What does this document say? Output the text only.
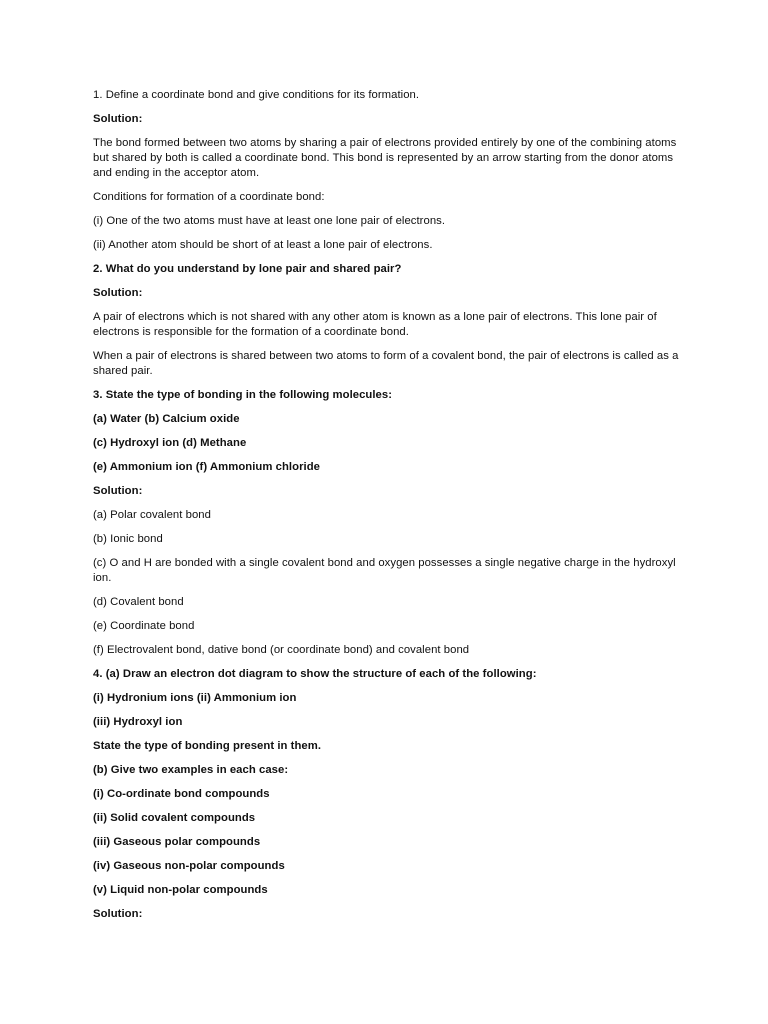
1. Define a coordinate bond and give conditions for its formation.

Solution:

The bond formed between two atoms by sharing a pair of electrons provided entirely by one of the combining atoms but shared by both is called a coordinate bond. This bond is represented by an arrow starting from the donor atoms and ending in the acceptor atom.

Conditions for formation of a coordinate bond:

(i) One of the two atoms must have at least one lone pair of electrons.

(ii) Another atom should be short of at least a lone pair of electrons.

2. What do you understand by lone pair and shared pair?

Solution:

A pair of electrons which is not shared with any other atom is known as a lone pair of electrons. This lone pair of electrons is responsible for the formation of a coordinate bond.

When a pair of electrons is shared between two atoms to form of a covalent bond, the pair of electrons is called as a shared pair.

3. State the type of bonding in the following molecules:

(a) Water (b) Calcium oxide

(c) Hydroxyl ion (d) Methane

(e) Ammonium ion (f) Ammonium chloride

Solution:

(a) Polar covalent bond

(b) Ionic bond

(c) O and H are bonded with a single covalent bond and oxygen possesses a single negative charge in the hydroxyl ion.

(d) Covalent bond

(e) Coordinate bond

(f) Electrovalent bond, dative bond (or coordinate bond) and covalent bond

4. (a) Draw an electron dot diagram to show the structure of each of the following:

(i) Hydronium ions (ii) Ammonium ion

(iii) Hydroxyl ion

State the type of bonding present in them.

(b) Give two examples in each case:

(i) Co-ordinate bond compounds

(ii) Solid covalent compounds

(iii) Gaseous polar compounds

(iv) Gaseous non-polar compounds

(v) Liquid non-polar compounds

Solution:
